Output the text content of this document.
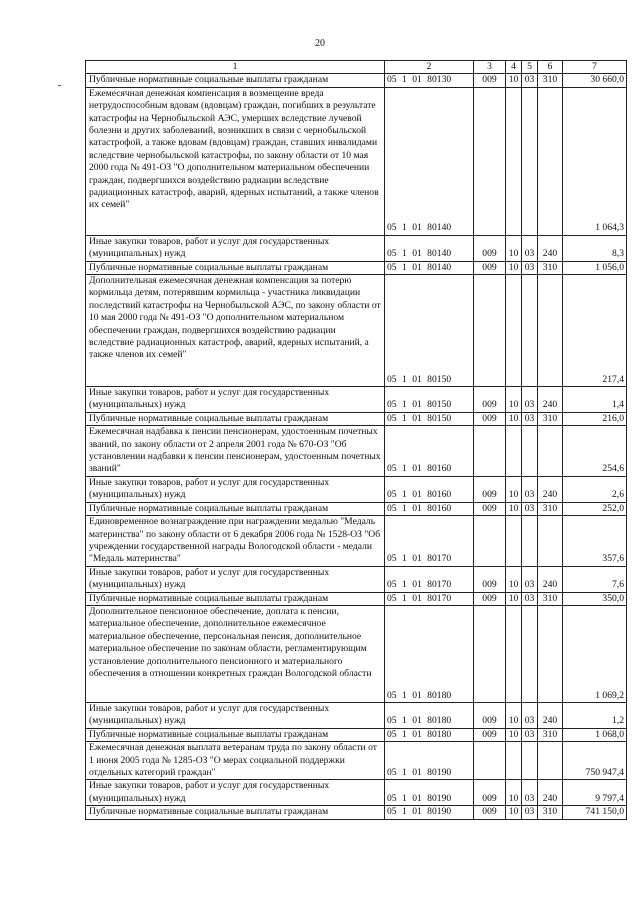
20
1	2	3	4	5	6	7
Публичные нормативные социальные выплаты гражданам	05 1 01 80130	009	10	03	310	30 660,0
Ежемесячная денежная компенсация в возмещение вреда нетрудоспособным вдовам (вдовцам) граждан, погибших в результате катастрофы на Чернобыльской АЭС, умерших вследствие лучевой болезни и других заболеваний, возникших в связи с чернобыльской катастрофой, а также вдовам (вдовцам) граждан, ставших инвалидами вследствие чернобыльской катастрофы, по закону области от 10 мая 2000 года № 491-ОЗ "О дополнительном материальном обеспечении граждан, подвергшихся воздействию радиации вследствие радиационных катастроф, аварий, ядерных испытаний, а также членов их семей"	05 1 01 80140					1 064,3
Иные закупки товаров, работ и услуг для государственных (муниципальных) нужд	05 1 01 80140	009	10	03	240	8,3
Публичные нормативные социальные выплаты гражданам	05 1 01 80140	009	10	03	310	1 056,0
Дополнительная ежемесячная денежная компенсация за потерю кормильца детям, потерявшим кормильца - участника ликвидации последствий катастрофы на Чернобыльской АЭС, по закону области от 10 мая 2000 года № 491-ОЗ "О дополнительном материальном обеспечении граждан, подвергшихся воздействию радиации вследствие радиационных катастроф, аварий, ядерных испытаний, а также членов их семей"	05 1 01 80150					217,4
Иные закупки товаров, работ и услуг для государственных (муниципальных) нужд	05 1 01 80150	009	10	03	240	1,4
Публичные нормативные социальные выплаты гражданам	05 1 01 80150	009	10	03	310	216,0
Ежемесячная надбавка к пенсии пенсионерам, удостоенным почетных званий, по закону области от 2 апреля 2001 года № 670-ОЗ "Об установлении надбавки к пенсии пенсионерам, удостоенным почетных званий"	05 1 01 80160					254,6
Иные закупки товаров, работ и услуг для государственных (муниципальных) нужд	05 1 01 80160	009	10	03	240	2,6
Публичные нормативные социальные выплаты гражданам	05 1 01 80160	009	10	03	310	252,0
Единовременное вознаграждение при награждении медалью "Медаль материнства" по закону области от 6 декабря 2006 года № 1528-ОЗ "Об учреждении государственной награды Вологодской области - медали "Медаль материнства"	05 1 01 80170					357,6
Иные закупки товаров, работ и услуг для государственных (муниципальных) нужд	05 1 01 80170	009	10	03	240	7,6
Публичные нормативные социальные выплаты гражданам	05 1 01 80170	009	10	03	310	350,0
Дополнительное пенсионное обеспечение, доплата к пенсии, материальное обеспечение, дополнительное ежемесячное материальное обеспечение, персональная пенсия, дополнительное материальное обеспечение по законам области, регламентирующим установление дополнительного пенсионного и материального обеспечения в отношении конкретных граждан Вологодской области	05 1 01 80180					1 069,2
Иные закупки товаров, работ и услуг для государственных (муниципальных) нужд	05 1 01 80180	009	10	03	240	1,2
Публичные нормативные социальные выплаты гражданам	05 1 01 80180	009	10	03	310	1 068,0
Ежемесячная денежная выплата ветеранам труда по закону области от 1 июня 2005 года № 1285-ОЗ "О мерах социальной поддержки отдельных категорий граждан"	05 1 01 80190					750 947,4
Иные закупки товаров, работ и услуг для государственных (муниципальных) нужд	05 1 01 80190	009	10	03	240	9 797,4
Публичные нормативные социальные выплаты гражданам	05 1 01 80190	009	10	03	310	741 150,0
